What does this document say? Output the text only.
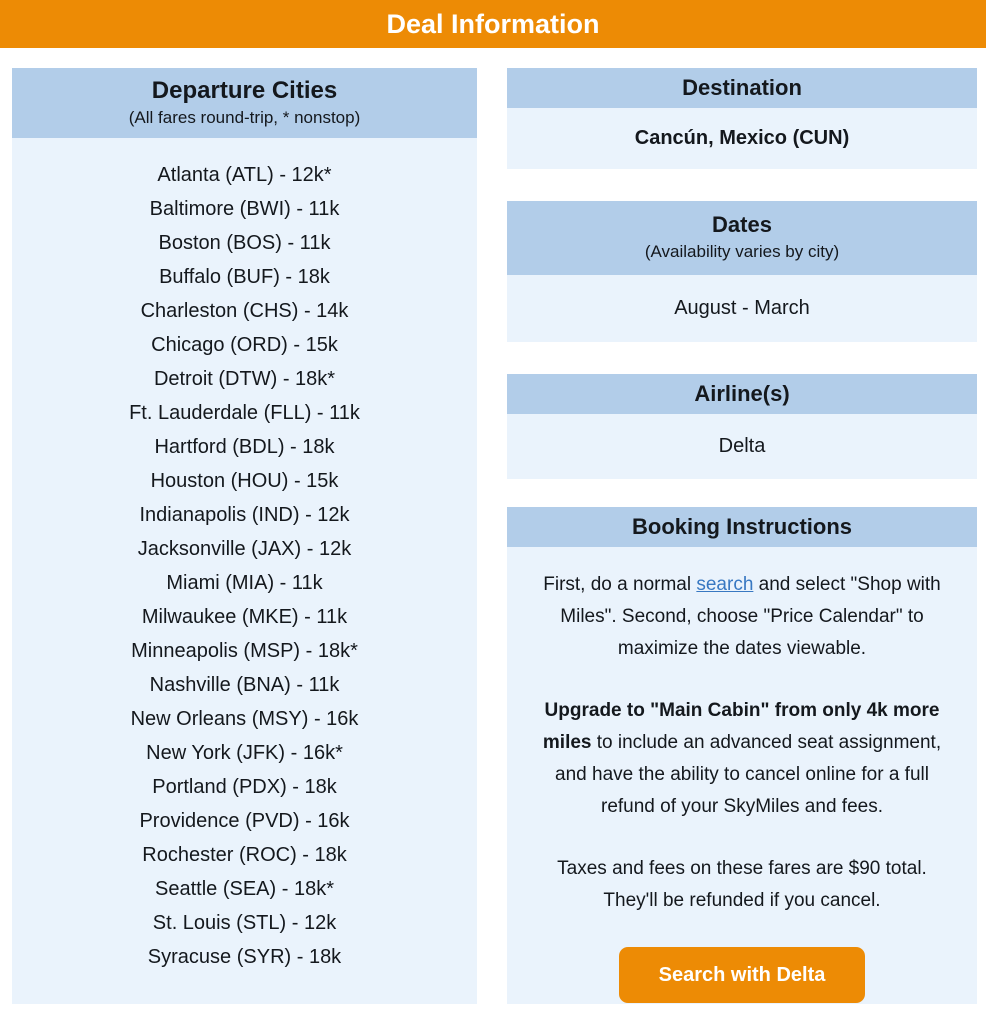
Deal Information
Departure Cities
(All fares round-trip, * nonstop)
Atlanta (ATL) - 12k*
Baltimore (BWI) - 11k
Boston (BOS) - 11k
Buffalo (BUF) - 18k
Charleston (CHS) - 14k
Chicago (ORD) - 15k
Detroit (DTW) - 18k*
Ft. Lauderdale (FLL) - 11k
Hartford (BDL) - 18k
Houston (HOU) - 15k
Indianapolis (IND) - 12k
Jacksonville (JAX) - 12k
Miami (MIA) - 11k
Milwaukee (MKE) - 11k
Minneapolis (MSP) - 18k*
Nashville (BNA) - 11k
New Orleans (MSY) - 16k
New York (JFK) - 16k*
Portland (PDX) - 18k
Providence (PVD) - 16k
Rochester (ROC) - 18k
Seattle (SEA) - 18k*
St. Louis (STL) - 12k
Syracuse (SYR) - 18k
Destination
Cancún, Mexico (CUN)
Dates
(Availability varies by city)
August - March
Airline(s)
Delta
Booking Instructions

First, do a normal search and select "Shop with Miles". Second, choose "Price Calendar" to maximize the dates viewable.

Upgrade to "Main Cabin" from only 4k more miles to include an advanced seat assignment, and have the ability to cancel online for a full refund of your SkyMiles and fees.

Taxes and fees on these fares are $90 total. They'll be refunded if you cancel.

Search with Delta
